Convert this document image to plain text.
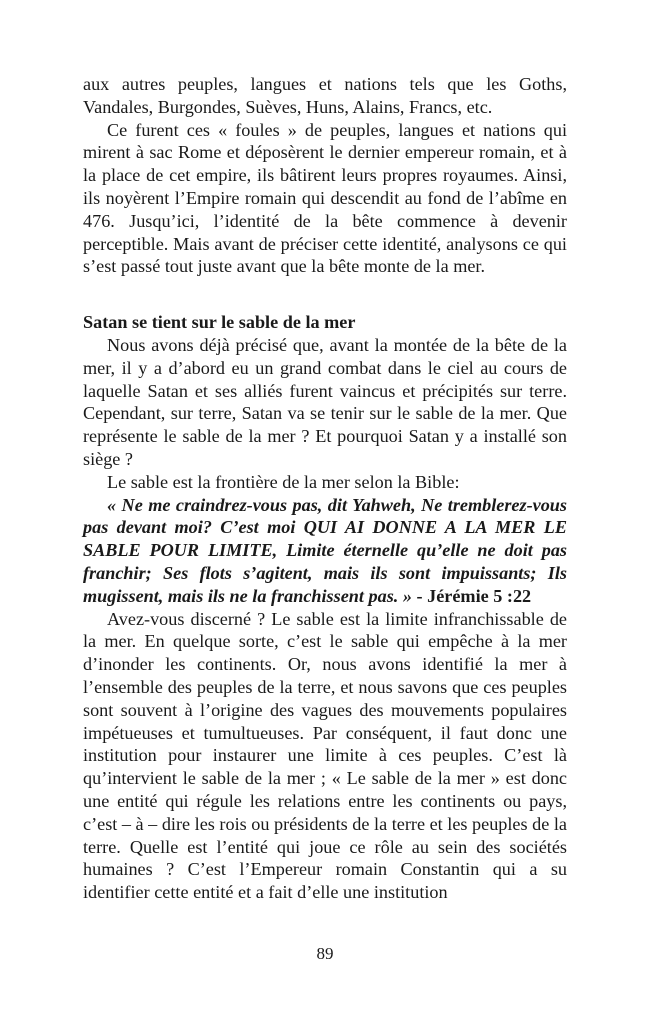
aux autres peuples, langues et nations tels que les Goths, Vandales, Burgondes, Suèves, Huns, Alains, Francs, etc.

Ce furent ces « foules » de peuples, langues et nations qui mirent à sac Rome et déposèrent le dernier empereur romain, et à la place de cet empire, ils bâtirent leurs propres royaumes. Ainsi, ils noyèrent l’Empire romain qui descendit au fond de l’abîme en 476. Jusqu’ici, l’identité de la bête commence à devenir perceptible. Mais avant de préciser cette identité, analysons ce qui s’est passé tout juste avant que la bête monte de la mer.

Satan se tient sur le sable de la mer

Nous avons déjà précisé que, avant la montée de la bête de la mer, il y a d’abord eu un grand combat dans le ciel au cours de laquelle Satan et ses alliés furent vaincus et précipités sur terre. Cependant, sur terre, Satan va se tenir sur le sable de la mer. Que représente le sable de la mer ? Et pourquoi Satan y a installé son siège ?

Le sable est la frontière de la mer selon la Bible:

« Ne me craindrez-vous pas, dit Yahweh, Ne tremblerez-vous pas devant moi? C’est moi QUI AI DONNE A LA MER LE SABLE POUR LIMITE, Limite éternelle qu’elle ne doit pas franchir; Ses flots s’agitent, mais ils sont impuissants; Ils mugissent, mais ils ne la franchissent pas. » - Jérémie 5 :22

Avez-vous discerné ? Le sable est la limite infranchissable de la mer. En quelque sorte, c’est le sable qui empêche à la mer d’inonder les continents. Or, nous avons identifié la mer à l’ensemble des peuples de la terre, et nous savons que ces peuples sont souvent à l’origine des vagues des mouvements populaires impétueuses et tumultueuses. Par conséquent, il faut donc une institution pour instaurer une limite à ces peuples. C’est là qu’intervient le sable de la mer ; « Le sable de la mer » est donc une entité qui régule les relations entre les continents ou pays, c’est – à – dire les rois ou présidents de la terre et les peuples de la terre. Quelle est l’entité qui joue ce rôle au sein des sociétés humaines ? C’est l’Empereur romain Constantin qui a su identifier cette entité et a fait d’elle une institution

89
